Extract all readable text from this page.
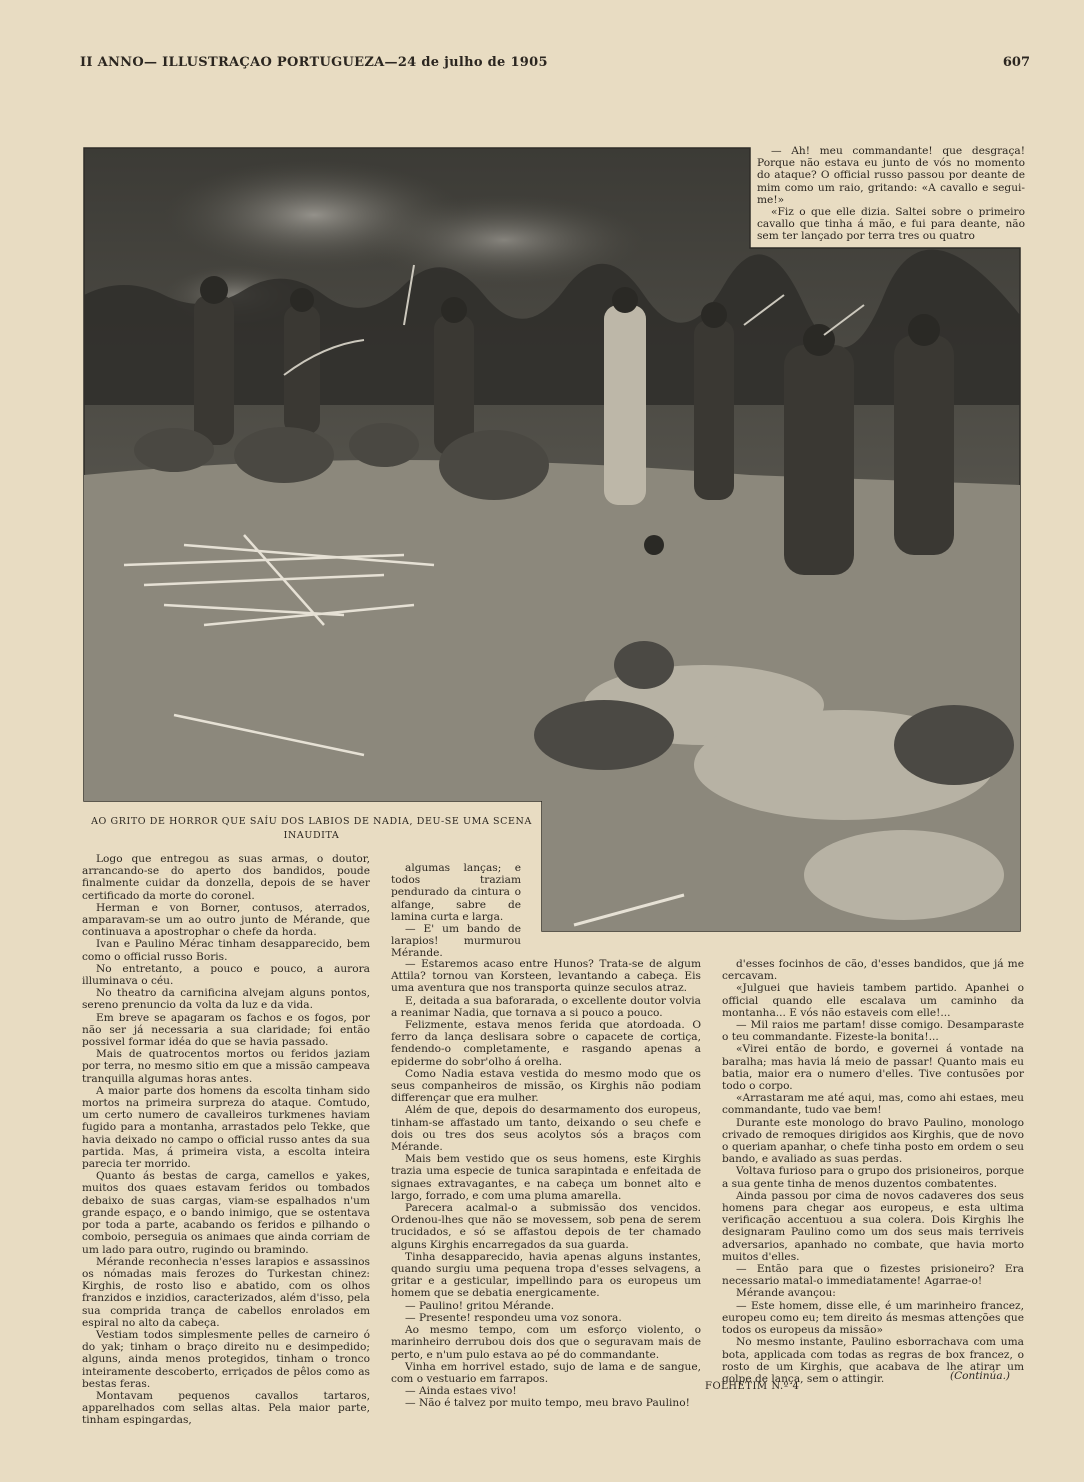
II ANNO— ILLUSTRAÇAO PORTUGUEZA—24 de julho de 1905	607
AO GRITO DE HORROR QUE SAÍU DOS LABIOS DE NADIA, DEU-SE UMA SCENA INAUDITA

— Ah! meu commandante! que desgraça! Porque não estava eu junto de vós no momento do ataque? O official russo passou por deante de mim como um raio, gritando: «A cavallo e segui-me!»

«Fiz o que elle dizia. Saltei sobre o primeiro cavallo que tinha á mão, e fui para deante, não sem ter lançado por terra tres ou quatro

Logo que entregou as suas armas, o doutor, arrancando-se do aperto dos bandidos, poude finalmente cuidar da donzella, depois de se haver certificado da morte do coronel.

Herman e von Borner, contusos, aterrados, amparavam-se um ao outro junto de Mérande, que continuava a apostrophar o chefe da horda.

Ivan e Paulino Mérac tinham desapparecido, bem como o official russo Boris.

No entretanto, a pouco e pouco, a aurora illuminava o céu.

No theatro da carnificina alvejam alguns pontos, sereno prenuncio da volta da luz e da vida.

Em breve se apagaram os fachos e os fogos, por não ser já necessaria a sua claridade; foi então possivel formar idéa do que se havia passado.

Mais de quatrocentos mortos ou feridos jaziam por terra, no mesmo sitio em que a missão campeava tranquilla algumas horas antes.

A maior parte dos homens da escolta tinham sido mortos na primeira surpreza do ataque. Comtudo, um certo numero de cavalleiros turkmenes haviam fugido para a montanha, arrastados pelo Tekke, que havia deixado no campo o official russo antes da sua partida. Mas, á primeira vista, a escolta inteira parecia ter morrido.

Quanto ás bestas de carga, camellos e yakes, muitos dos quaes estavam feridos ou tombados debaixo de suas cargas, viam-se espalhados n'um grande espaço, e o bando inimigo, que se ostentava por toda a parte, acabando os feridos e pilhando o comboio, perseguia os animaes que ainda corriam de um lado para outro, rugindo ou bramindo.

Mérande reconhecia n'esses larapios e assassinos os nómadas mais ferozes do Turkestan chinez: Kirghis, de rosto liso e abatido, com os olhos franzidos e inzidios, caracterizados, além d'isso, pela sua comprida trança de cabellos enrolados em espiral no alto da cabeça.

Vestiam todos simplesmente pelles de carneiro ó do yak; tinham o braço direito nu e desimpedido; alguns, ainda menos protegidos, tinham o tronco inteiramente descoberto, erriçados de pêlos como as bestas feras.

Montavam pequenos cavallos tartaros, apparelhados com sellas altas. Pela maior parte, tinham espingardas,

algumas lanças; e todos traziam pendurado da cintura o alfange, sabre de lamina curta e larga.

— E' um bando de larapios! murmurou Mérande.

— Estaremos acaso entre Hunos? Trata-se de algum Attila? tornou van Korsteen, levantando a cabeça. Eis uma aventura que nos transporta quinze seculos atraz.

E, deitada a sua baforarada, o excellente doutor volvia a reanimar Nadia, que tornava a si pouco a pouco.

Felizmente, estava menos ferida que atordoada. O ferro da lança deslisara sobre o capacete de cortiça, fendendo-o completamente, e rasgando apenas a epiderme do sobr'olho á orelha.

Como Nadia estava vestida do mesmo modo que os seus companheiros de missão, os Kirghis não podiam differençar que era mulher.

Além de que, depois do desarmamento dos europeus, tinham-se affastado um tanto, deixando o seu chefe e dois ou tres dos seus acolytos sós a braços com Mérande.

Mais bem vestido que os seus homens, este Kirghis trazia uma especie de tunica sarapintada e enfeitada de signaes extravagantes, e na cabeça um bonnet alto e largo, forrado, e com uma pluma amarella.

Parecera acalmal-o a submissão dos vencidos. Ordenou-lhes que não se movessem, sob pena de serem trucidados, e só se affastou depois de ter chamado alguns Kirghis encarregados da sua guarda.

Tinha desapparecido, havia apenas alguns instantes, quando surgiu uma pequena tropa d'esses selvagens, a gritar e a gesticular, impellindo para os europeus um homem que se debatia energicamente.

— Paulino! gritou Mérande.

— Presente! respondeu uma voz sonora.

Ao mesmo tempo, com um esforço violento, o marinheiro derrubou dois dos que o seguravam mais de perto, e n'um pulo estava ao pé do commandante.

Vinha em horrivel estado, sujo de lama e de sangue, com o vestuario em farrapos.

— Ainda estaes vivo!

— Não é talvez por muito tempo, meu bravo Paulino!

d'esses focinhos de cão, d'esses bandidos, que já me cercavam.

«Julguei que havieis tambem partido. Apanhei o official quando elle escalava um caminho da montanha... E vós não estaveis com elle!...

— Mil raios me partam! disse comigo. Desamparaste o teu commandante. Fizeste-la bonita!...

«Virei então de bordo, e governei á vontade na baralha; mas havia lá meio de passar! Quanto mais eu batia, maior era o numero d'elles. Tive contusões por todo o corpo.

«Arrastaram me até aqui, mas, como ahi estaes, meu commandante, tudo vae bem!

Durante este monologo do bravo Paulino, monologo crivado de remoques dirigidos aos Kirghis, que de novo o queriam apanhar, o chefe tinha posto em ordem o seu bando, e avaliado as suas perdas.

Voltava furioso para o grupo dos prisioneiros, porque a sua gente tinha de menos duzentos combatentes.

Ainda passou por cima de novos cadaveres dos seus homens para chegar aos europeus, e esta ultima verificação accentuou a sua colera. Dois Kirghis lhe designaram Paulino como um dos seus mais terriveis adversarios, apanhado no combate, que havia morto muitos d'elles.

— Então para que o fizestes prisioneiro? Era necessario matal-o immediatamente! Agarrae-o!

Mérande avançou:

— Este homem, disse elle, é um marinheiro francez, europeu como eu; tem direito ás mesmas attenções que todos os europeus da missão»

No mesmo instante, Paulino esborrachava com uma bota, applicada com todas as regras de box francez, o rosto de um Kirghis, que acabava de lhe atirar um golpe de lança, sem o attingir.	(Continúa.)
FOLHETIM N.º 4
